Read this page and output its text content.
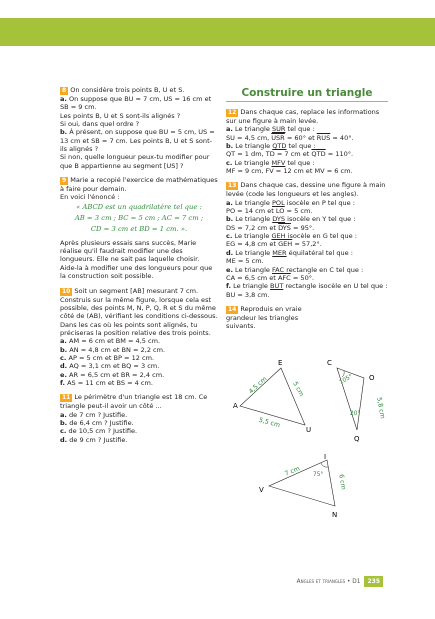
8 On considère trois points B, U et S.

a. On suppose que BU = 7 cm, US = 16 cm et SB = 9 cm.

Les points B, U et S sont-ils alignés ?

Si oui, dans quel ordre ?

b. À présent, on suppose que BU = 5 cm, US = 13 cm et SB = 7 cm. Les points B, U et S sont-ils alignés ?

Si non, quelle longueur peux-tu modifier pour que B appartienne au segment [US] ?

9 Marie a recopié l'exercice de mathématiques à faire pour demain.

En voici l'énoncé :

« ABCD est un quadrilatère tel que :

AB = 3 cm ; BC = 5 cm ; AC = 7 cm ;

CD = 3 cm et BD = 1 cm. ».

Après plusieurs essais sans succès, Marie réalise qu'il faudrait modifier une des longueurs. Elle ne sait pas laquelle choisir. Aide-la à modifier une des longueurs pour que la construction soit possible.

10 Soit un segment [AB] mesurant 7 cm. Construis sur la même figure, lorsque cela est possible, des points M, N, P, Q, R et S du même côté de (AB), vérifiant les conditions ci-dessous. Dans les cas où les points sont alignés, tu préciseras la position relative des trois points.

a. AM = 6 cm et BM = 4,5 cm.

b. AN = 4,8 cm et BN = 2,2 cm.

c. AP = 5 cm et BP = 12 cm.

d. AQ = 3,1 cm et BQ = 3 cm.

e. AR = 6,5 cm et BR = 2,4 cm.

f. AS = 11 cm et BS = 4 cm.

11 Le périmètre d'un triangle est 18 cm. Ce triangle peut-il avoir un côté ...

a. de 7 cm ? Justifie.

b. de 6,4 cm ? Justifie.

c. de 10,5 cm ? Justifie.

d. de 9 cm ? Justifie.

Construire un triangle

12 Dans chaque cas, replace les informations sur une figure à main levée.

a. Le triangle SUR tel que :

SU = 4,5 cm, $\overline{USR} = 60^\circ$ et $\overline{RUS} = 40^\circ$.

b. Le triangle QTD tel que :

QT = 1 dm, TD = 7 cm et $\overline{QTD} = 110^\circ$.

c. Le triangle MFV tel que :

MF = 9 cm, FV = 12 cm et MV = 6 cm.

13 Dans chaque cas, dessine une figure à main levée (code les longueurs et les angles).

a. Le triangle POL isocèle en P tel que :

PO = 14 cm et LO = 5 cm.

b. Le triangle DYS isocèle en Y tel que :

DS = 7,2 cm et $\overline{DYS} = 95^\circ$.

c. Le triangle GEH isocèle en G tel que :

EG = 4,8 cm et $\overline{GEH} = 57,2^\circ$.

d. Le triangle MER équilatéral tel que :

ME = 5 cm.

e. Le triangle FAC rectangle en C tel que :

CA = 6,5 cm et $\overline{AFC} = 50^\circ$.

f. Le triangle BUT rectangle isocèle en U tel que : BU = 3,8 cm.

14 Reproduis en vraie grandeur les triangles suivants.

E
A
U
4,5 cm	5 cm
5,5 cm
C
O
Q
105°
20° 5,8 cm
I
V
N
7 cm
6 cm
75°
Angles et triangles • D1	235
